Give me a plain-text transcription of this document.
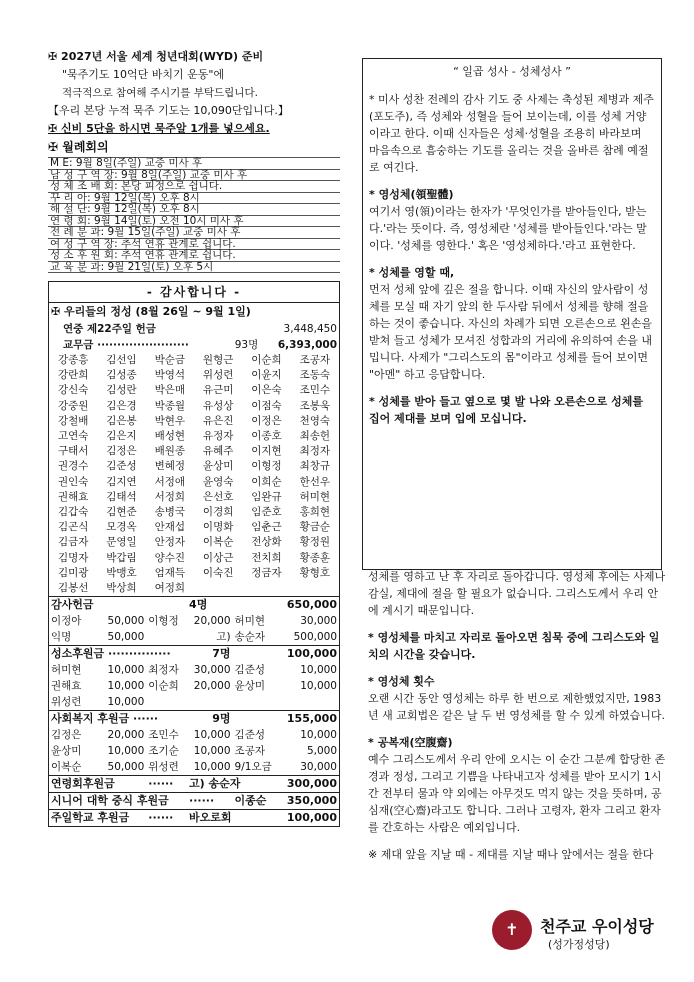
✠ 2027년 서울 세계 청년대회(WYD) 준비
"묵주기도 10억단 바치기 운동"에
적극적으로 참여해 주시기를 부탁드립니다.
【우리 본당 누적 묵주 기도는 10,090단입니다.】
✠ 신비 5단을 하시면 묵주알 1개를 넣으세요.
✠ 월례회의
M E: 9월 8일(주일) 교중 미사 후
남 성 구 역 장: 9월 8일(주일) 교중 미사 후
성 체 조 배 회: 본당 피정으로 쉽니다.
꾸 리 아: 9월 12일(목) 오후 8시
해 설 단: 9월 12일(목) 오후 8시
연 령 회: 9월 14일(토) 오전 10시 미사 후
전 례 분 과: 9월 15일(주일) 교중 미사 후
여 성 구 역 장: 추석 연휴 관계로 쉽니다.
성 소 후 원 회: 추석 연휴 관계로 쉽니다.
교 육 분 과: 9월 21일(토) 오후 5시
- 감사합니다 -
✠ 우리들의 정성 (8월 26일 ~ 9월 1일)
연중 제22주일 헌금		3,448,450
교무금 ·······················	93명	6,393,000
강종흥	김선임	박순금	원형근	이순희	조공자
강란희	김성종	박영석	위성련	이윤지	조동숙
강신숙	김성란	박은매	유근미	이은숙	조민수
강중원	김은경	박종월	유성상	이점숙	조봉욱
강철배	김은봉	박현우	유은진	이정은	천영숙
고연숙	김은지	배성현	유정자	이종호	최송헌
구태서	김정은	배원종	유혜주	이지현	최정자
권경수	김준성	변혜정	윤상미	이형정	최창규
권인숙	김지연	서정애	윤영숙	이희순	한선우
권해효	김태석	서정희	은선호	임완규	허미현
김갑숙	김현준	송병국	이경희	임준호	홍희현
김곤식	모경옥	안재섭	이명화	임춘근	황금순
김금자	문영일	안정자	이복순	전상화	황정원
김명자	박갑림	양수진	이상근	전치희	황종훈
김미광	박맹호	엄재득	이숙진	정금자	황형호
김봉선	박상희	여정희			
감사헌금			4명	650,000	
이정아	50,000	이형정	20,000	허미현	30,000
익명	50,000		고)	송순자	500,000
성소후원금 ···············			7명	100,000	
허미현	10,000	최정자	30,000	김준성	10,000
권해효	10,000	이순희	20,000	윤상미	10,000
위성련	10,000				
사회복지 후원금 ······			9명	155,000	
김정은	20,000	조민수	10,000	김준성	10,000
윤상미	10,000	조기순	10,000	조공자	5,000
이복순	50,000	위성련	10,000	9/1오금	30,000
연령회후원금		······	고) 송순자		300,000
시니어 대학 중식 후원금			······	이종순	350,000
주일학교 후원금		······	바오로회		100,000
“ 일곱 성사 - 성체성사 ”

* 미사 성찬 전례의 감사 기도 중 사제는 축성된 제병과 제주(포도주), 즉 성체와 성혈을 들어 보이는데, 이를 성체 거양이라고 한다. 이때 신자들은 성체·성혈을 조용히 바라보며 마음속으로 흠숭하는 기도를 올리는 것을 올바른 참례 예절로 여긴다.

* 영성체(領聖體)

여기서 영(領)이라는 한자가 '무엇인가를 받아들인다, 받는다.'라는 뜻이다. 즉, 영성체란 '성체를 받아들인다.'라는 말이다. '성체를 영한다.' 혹은 '영성체하다.'라고 표현한다.

* 성체를 영할 때,

먼저 성체 앞에 깊은 절을 합니다. 이때 자신의 앞사람이 성체를 모실 때 자기 앞의 한 두사람 뒤에서 성체를 향해 절을 하는 것이 좋습니다. 자신의 차례가 되면 오른손으로 왼손을 받쳐 들고 성체가 모셔진 성합과의 거리에 유의하여 손을 내밉니다. 사제가 "그리스도의 몸"이라고 성체를 들어 보이면 "아멘" 하고 응답합니다.

* 성체를 받아 들고 옆으로 몇 발 나와 오른손으로 성체를 집어 제대를 보며 입에 모십니다.

성체를 영하고 난 후 자리로 돌아갑니다. 영성체 후에는 사제나 감실, 제대에 절을 할 필요가 없습니다. 그리스도께서 우리 안에 계시기 때문입니다.

* 영성체를 마치고 자리로 돌아오면 침묵 중에 그리스도와 일치의 시간을 갖습니다.

* 영성체 횟수

오랜 시간 동안 영성체는 하루 한 번으로 제한했었지만, 1983년 새 교회법은 같은 날 두 번 영성체를 할 수 있게 하였습니다.

* 공복재(空腹齋)

예수 그리스도께서 우리 안에 오시는 이 순간 그분께 합당한 존경과 정성, 그리고 기쁨을 나타내고자 성체를 받아 모시기 1시간 전부터 물과 약 외에는 아무것도 먹지 않는 것을 뜻하며, 공심재(空心齋)라고도 합니다. 그러나 고령자, 환자 그리고 환자를 간호하는 사람은 예외입니다.

※ 제대 앞을 지날 때 - 제대를 지날 때나 앞에서는 절을 한다

✝	천주교 우이성당
(성가정성당)
